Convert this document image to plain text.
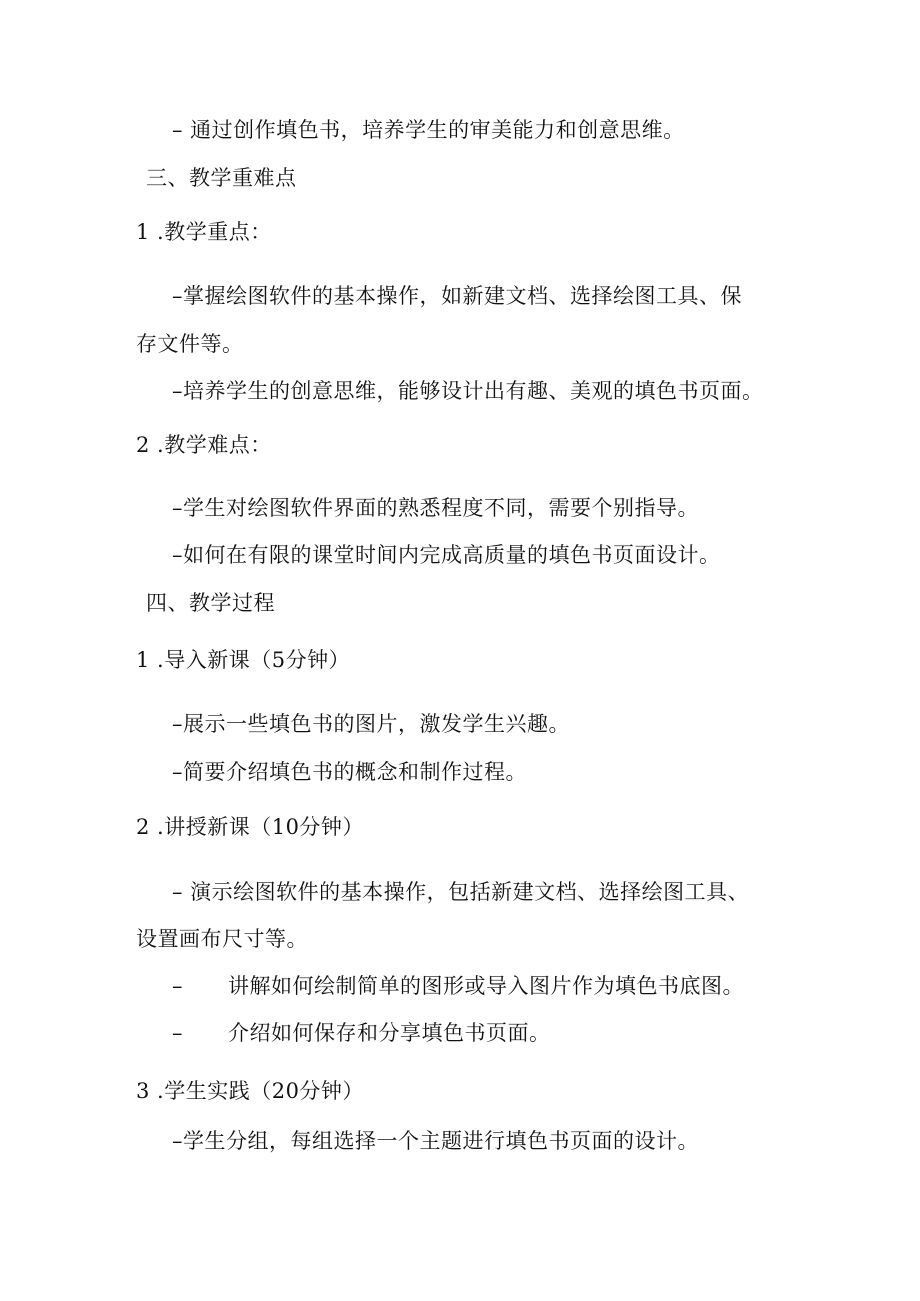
– 通过创作填色书，培养学生的审美能力和创意思维。
三、教学重难点
1 .教学重点：
–掌握绘图软件的基本操作，如新建文档、选择绘图工具、保
存文件等。
–培养学生的创意思维，能够设计出有趣、美观的填色书页面。
2 .教学难点：
–学生对绘图软件界面的熟悉程度不同，需要个别指导。
–如何在有限的课堂时间内完成高质量的填色书页面设计。
四、教学过程
1 .导入新课（5分钟）
–展示一些填色书的图片，激发学生兴趣。
–简要介绍填色书的概念和制作过程。
2 .讲授新课（10分钟）
– 演示绘图软件的基本操作，包括新建文档、选择绘图工具、
设置画布尺寸等。
– 讲解如何绘制简单的图形或导入图片作为填色书底图。
– 介绍如何保存和分享填色书页面。
3 .学生实践（20分钟）
–学生分组，每组选择一个主题进行填色书页面的设计。
